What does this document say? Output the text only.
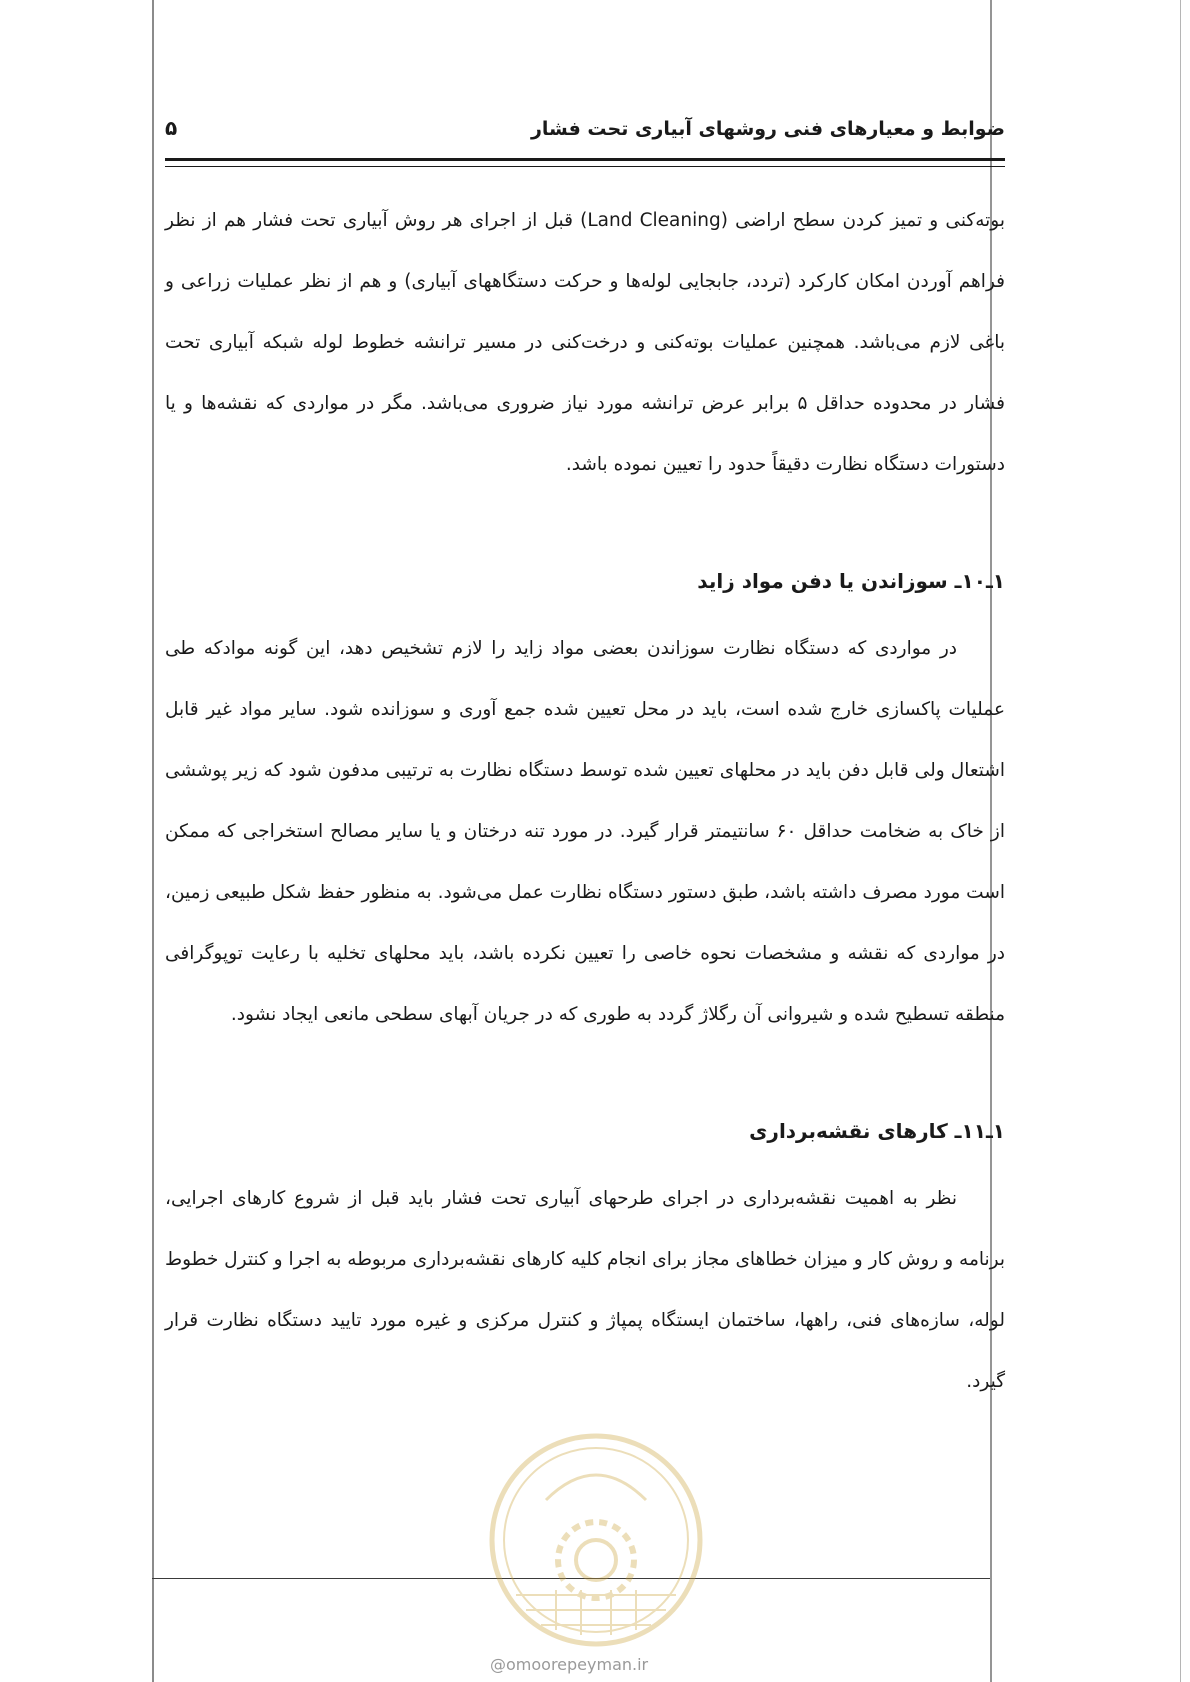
ضوابط و معیارهای فنی روشهای آبیاری تحت فشار
۵

بوته‌کنی و تمیز کردن سطح اراضی (Land Cleaning) قبل از اجرای هر روش آبیاری تحت فشار هم از نظر فراهم آوردن امکان کارکرد (تردد، جابجایی لوله‌ها و حرکت دستگاههای آبیاری) و هم از نظر عملیات زراعی و باغی لازم می‌باشد. همچنین عملیات بوته‌کنی و درخت‌کنی در مسیر ترانشه خطوط لوله شبکه آبیاری تحت فشار در محدوده حداقل ۵ برابر عرض ترانشه مورد نیاز ضروری می‌باشد. مگر در مواردی که نقشه‌ها و یا دستورات دستگاه نظارت دقیقاً حدود را تعیین نموده باشد.

۱ـ۱۰ـ سوزاندن یا دفن مواد زاید

در مواردی که دستگاه نظارت سوزاندن بعضی مواد زاید را لازم تشخیص دهد، این گونه موادکه طی عملیات پاکسازی خارج شده است، باید در محل تعیین شده جمع آوری و سوزانده شود. سایر مواد غیر قابل اشتعال ولی قابل دفن باید در محلهای تعیین شده توسط دستگاه نظارت به ترتیبی مدفون شود که زیر پوششی از خاک به ضخامت حداقل ۶۰ سانتیمتر قرار گیرد. در مورد تنه درختان و یا سایر مصالح استخراجی که ممکن است مورد مصرف داشته باشد، طبق دستور دستگاه نظارت عمل می‌شود. به منظور حفظ شکل طبیعی زمین، در مواردی که نقشه و مشخصات نحوه خاصی را تعیین نکرده باشد، باید محلهای تخلیه با رعایت توپوگرافی منطقه تسطیح شده و شیروانی آن رگلاژ گردد به طوری که در جریان آبهای سطحی مانعی ایجاد نشود.

۱ـ۱۱ـ کارهای نقشه‌برداری

نظر به اهمیت نقشه‌برداری در اجرای طرحهای آبیاری تحت فشار باید قبل از شروع کارهای اجرایی، برنامه و روش کار و میزان خطاهای مجاز برای انجام کلیه کارهای نقشه‌برداری مربوطه به اجرا و کنترل خطوط لوله، سازه‌های فنی، راهها، ساختمان ایستگاه پمپاژ و کنترل مرکزی و غیره مورد تایید دستگاه نظارت قرار گیرد.

@omoorepeyman.ir
